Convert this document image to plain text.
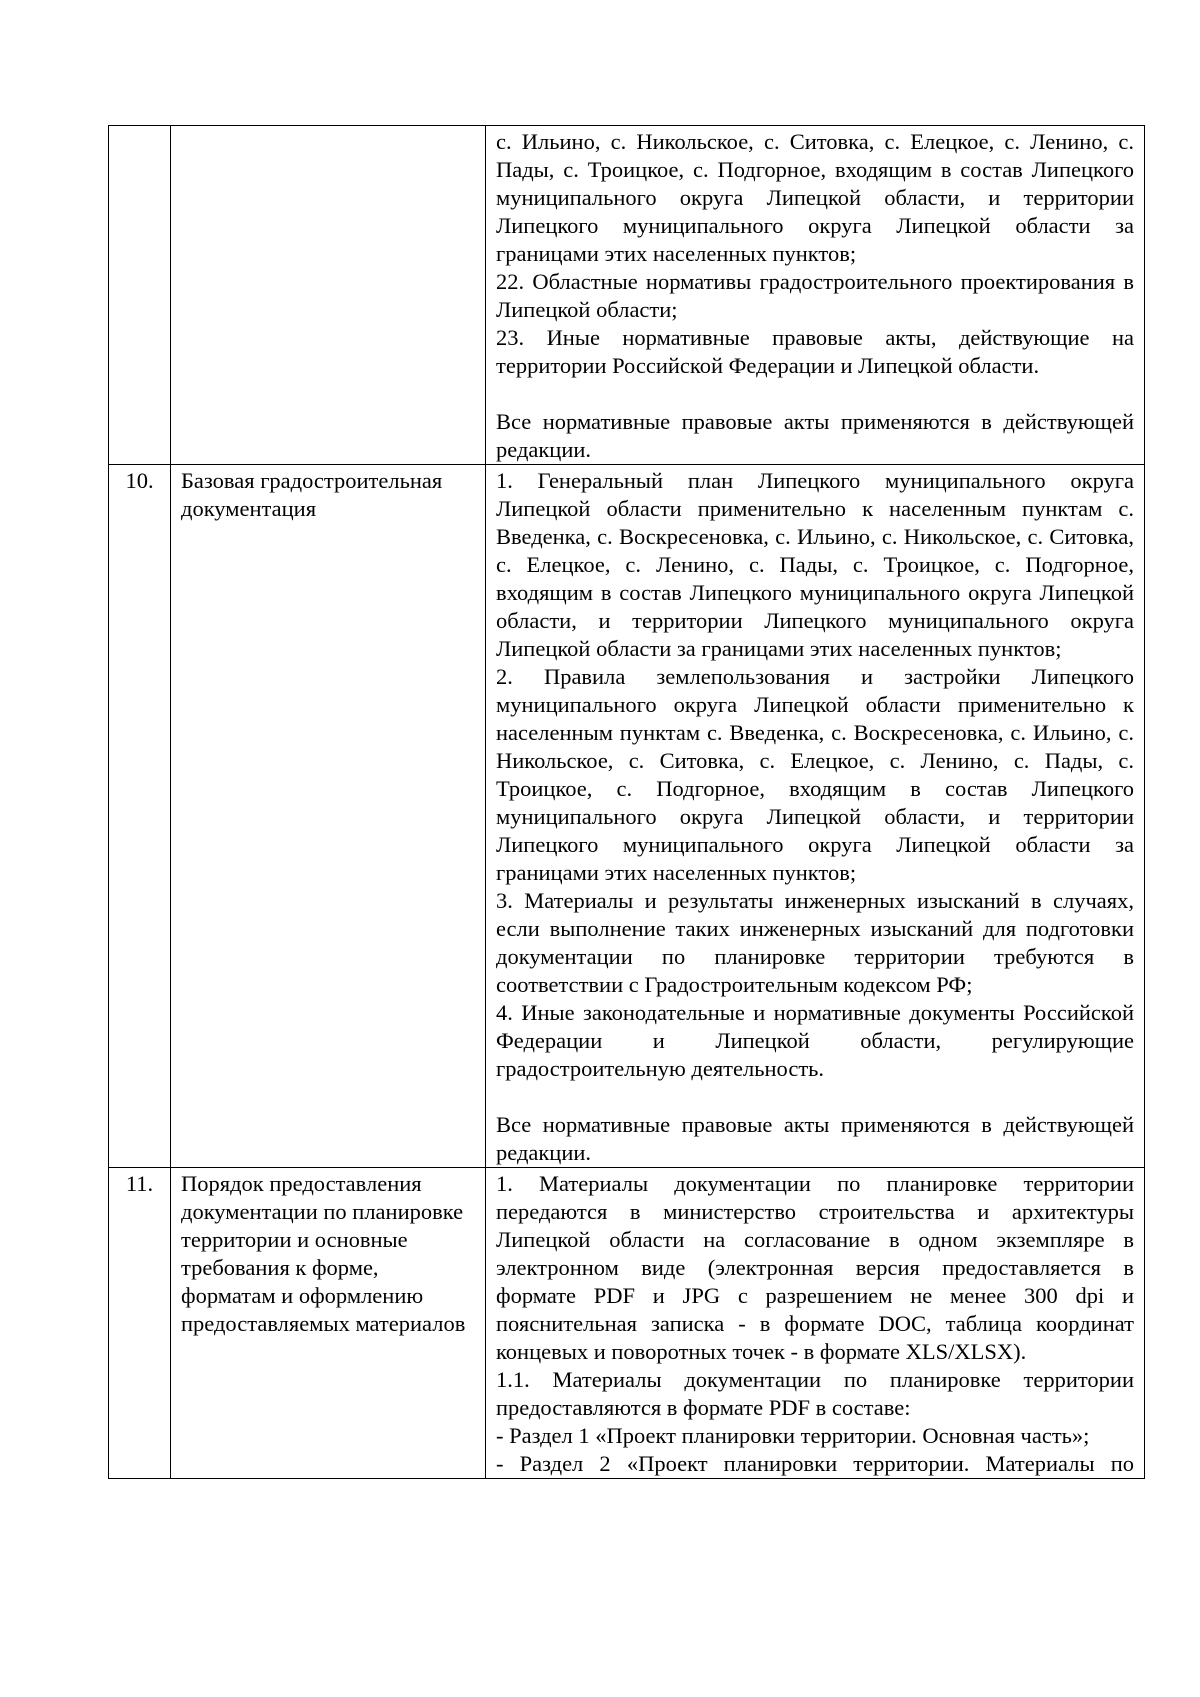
		с. Ильино, с. Никольское, с. Ситовка, с. Елецкое, с. Ленино, с. Пады, с. Троицкое, с. Подгорное, входящим в состав Липецкого муниципального округа Липецкой области, и территории Липецкого муниципального округа Липецкой области за границами этих населенных пунктов;

22. Областные нормативы градостроительного проектирования в Липецкой области;

23. Иные нормативные правовые акты, действующие на территории Российской Федерации и Липецкой области.

Все нормативные правовые акты применяются в действующей редакции.

10.	Базовая градостроительная документация	1. Генеральный план Липецкого муниципального округа Липецкой области применительно к населенным пунктам с. Введенка, с. Воскресеновка, с. Ильино, с. Никольское, с. Ситовка, с. Елецкое, с. Ленино, с. Пады, с. Троицкое, с. Подгорное, входящим в состав Липецкого муниципального округа Липецкой области, и территории Липецкого муниципального округа Липецкой области за границами этих населенных пунктов;

2. Правила землепользования и застройки Липецкого муниципального округа Липецкой области применительно к населенным пунктам с. Введенка, с. Воскресеновка, с. Ильино, с. Никольское, с. Ситовка, с. Елецкое, с. Ленино, с. Пады, с. Троицкое, с. Подгорное, входящим в состав Липецкого муниципального округа Липецкой области, и территории Липецкого муниципального округа Липецкой области за границами этих населенных пунктов;

3. Материалы и результаты инженерных изысканий в случаях, если выполнение таких инженерных изысканий для подготовки документации по планировке территории требуются в соответствии с Градостроительным кодексом РФ;

4. Иные законодательные и нормативные документы Российской Федерации и Липецкой области, регулирующие градостроительную деятельность.

Все нормативные правовые акты применяются в действующей редакции.

11.	Порядок предоставления документации по планировке территории и основные требования к форме, форматам и оформлению предоставляемых материалов	1. Материалы документации по планировке территории передаются в министерство строительства и архитектуры Липецкой области на согласование в одном экземпляре в электронном виде (электронная версия предоставляется в формате PDF и JPG с разрешением не менее 300 dpi и пояснительная записка - в формате DOC, таблица координат концевых и поворотных точек - в формате XLS/XLSX).

1.1. Материалы документации по планировке территории предоставляются в формате PDF в составе:

- Раздел 1 «Проект планировки территории. Основная часть»;

- Раздел 2 «Проект планировки территории. Материалы по
